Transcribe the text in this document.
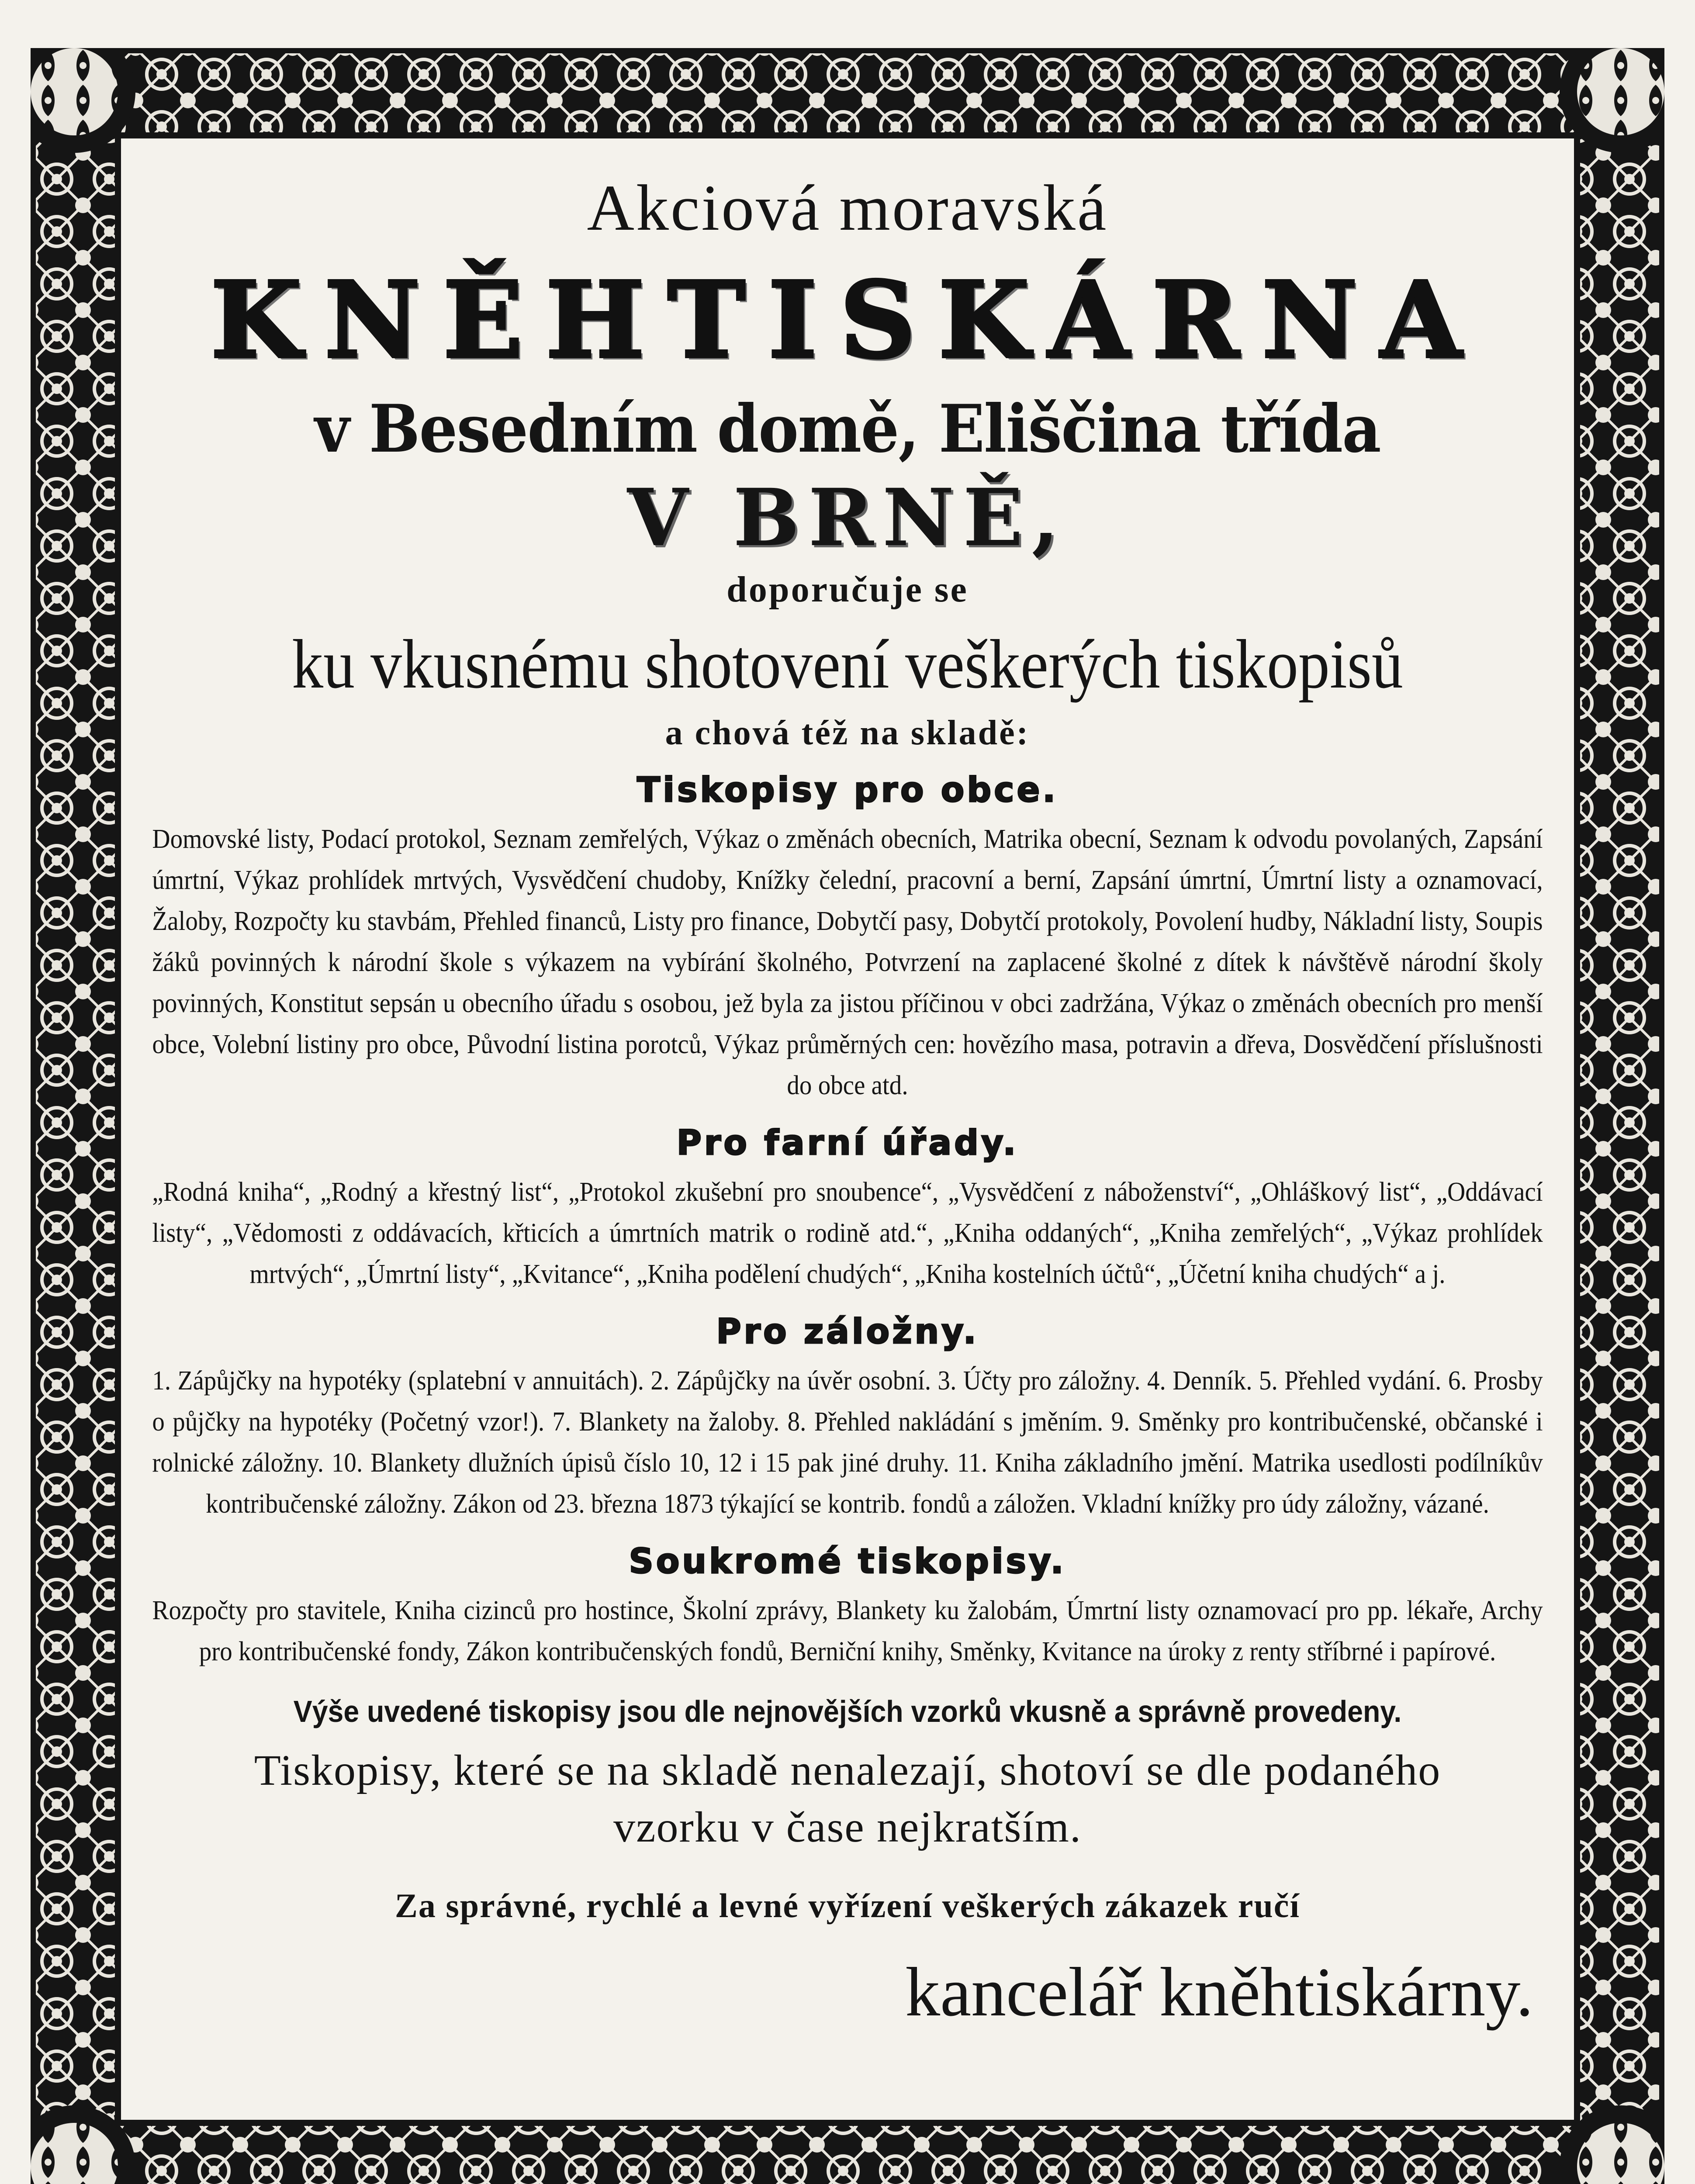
Akciová moravská
KNĚHTISKÁRNA
v Besedním domě, Eliščina třída
V BRNĚ,
doporučuje se
ku vkusnému shotovení veškerých tiskopisů
a chová též na skladě:
Tiskopisy pro obce.
Domovské listy, Podací protokol, Seznam zemřelých, Výkaz o změnách obecních, Matrika obecní, Seznam k odvodu povolaných, Zapsání úmrtní, Výkaz prohlídek mrtvých, Vysvědčení chudoby, Knížky čelední, pracovní a berní, Zapsání úmrtní, Úmrtní listy a oznamovací, Žaloby, Rozpočty ku stavbám, Přehled financů, Listy pro finance, Dobytčí pasy, Dobytčí protokoly, Povolení hudby, Nákladní listy, Soupis žáků povinných k národní škole s výkazem na vybírání školného, Potvrzení na zaplacené školné z dítek k návštěvě národní školy povinných, Konstitut sepsán u obecního úřadu s osobou, jež byla za jistou příčinou v obci zadržána, Výkaz o změnách obecních pro menší obce, Volební listiny pro obce, Původní listina porotců, Výkaz průměrných cen: hovězího masa, potravin a dřeva, Dosvědčení příslušnosti do obce atd.
Pro farní úřady.
„Rodná kniha“, „Rodný a křestný list“, „Protokol zkušební pro snoubence“, „Vysvědčení z náboženství“, „Ohláškový list“, „Oddávací listy“, „Vědomosti z oddávacích, křticích a úmrtních matrik o rodině atd.“, „Kniha oddaných“, „Kniha zemřelých“, „Výkaz prohlídek mrtvých“, „Úmrtní listy“, „Kvitance“, „Kniha podělení chudých“, „Kniha kostelních účtů“, „Účetní kniha chudých“ a j.
Pro záložny.
1. Zápůjčky na hypotéky (splatební v annuitách). 2. Zápůjčky na úvěr osobní. 3. Účty pro záložny. 4. Denník. 5. Přehled vydání. 6. Prosby o půjčky na hypotéky (Početný vzor!). 7. Blankety na žaloby. 8. Přehled nakládání s jměním. 9. Směnky pro kontribučenské, občanské i rolnické záložny. 10. Blankety dlužních úpisů číslo 10, 12 i 15 pak jiné druhy. 11. Kniha základního jmění. Matrika usedlosti podílníkův kontribučenské záložny. Zákon od 23. března 1873 týkající se kontrib. fondů a záložen. Vkladní knížky pro údy záložny, vázané.
Soukromé tiskopisy.
Rozpočty pro stavitele, Kniha cizinců pro hostince, Školní zprávy, Blankety ku žalobám, Úmrtní listy oznamovací pro pp. lékaře, Archy pro kontribučenské fondy, Zákon kontribučenských fondů, Berniční knihy, Směnky, Kvitance na úroky z renty stříbrné i papírové.
Výše uvedené tiskopisy jsou dle nejnovějších vzorků vkusně a správně provedeny.
Tiskopisy, které se na skladě nenalezají, shotoví se dle podaného
vzorku v čase nejkratším.
Za správné, rychlé a levné vyřízení veškerých zákazek ručí
kancelář kněhtiskárny.
